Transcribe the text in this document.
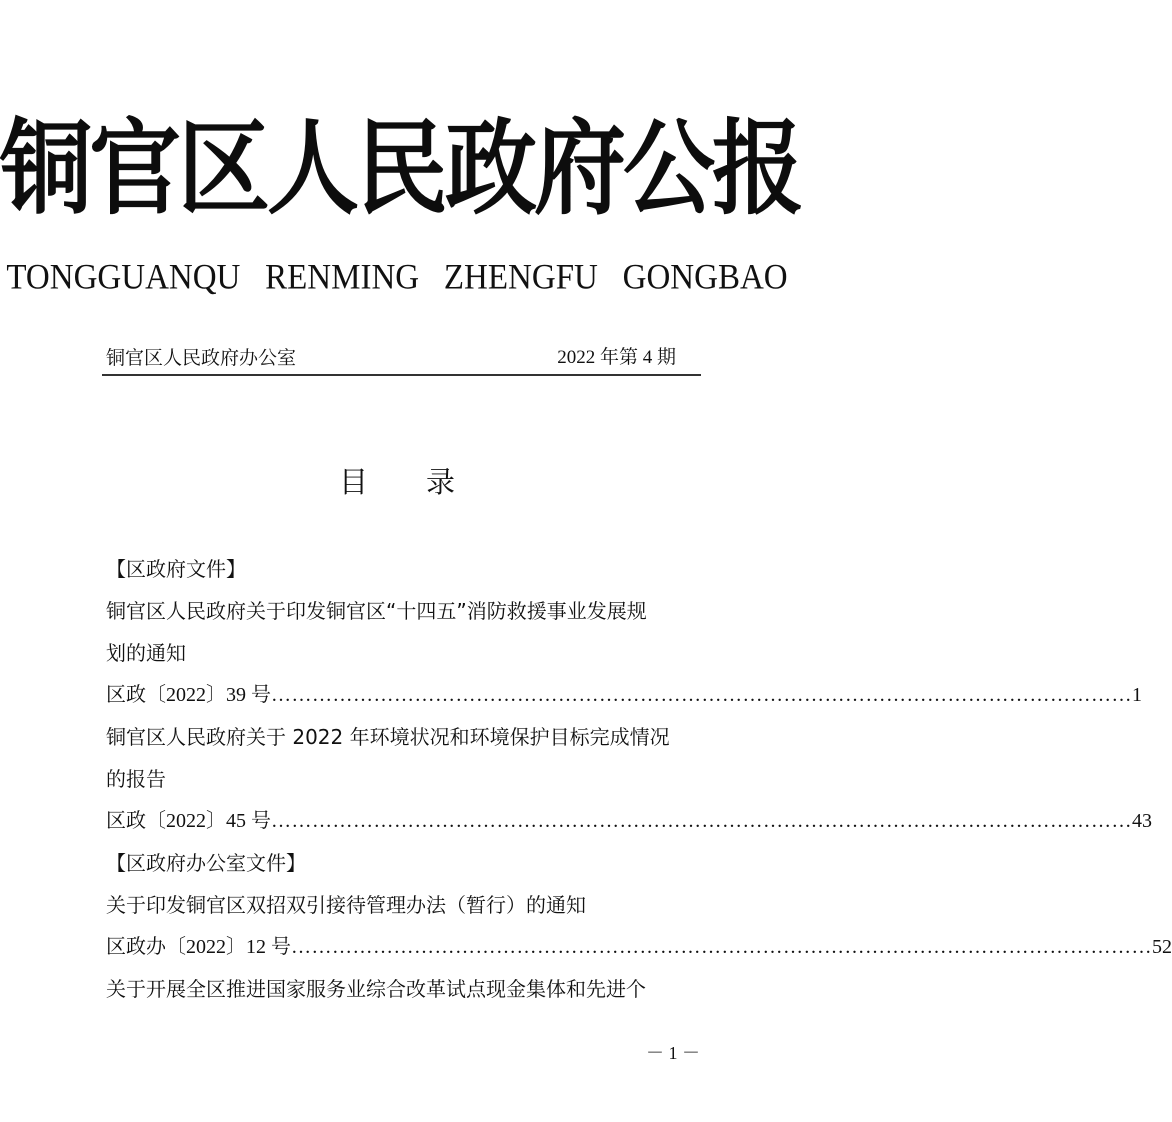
铜官区人民政府公报
TONGGUANQU   RENMING   ZHENGFU   GONGBAO
铜官区人民政府办公室	2022 年第 4 期
目录
【区政府文件】
铜官区人民政府关于印发铜官区“十四五”消防救援事业发展规
划的通知
区政〔2022〕39 号 ……………………………………………………………………………………………………………… 1
铜官区人民政府关于 2022 年环境状况和环境保护目标完成情况
的报告
区政〔2022〕45 号 ……………………………………………………………………………………………………………… 43
【区政府办公室文件】
关于印发铜官区双招双引接待管理办法（暂行）的通知
区政办〔2022〕12 号 ……………………………………………………………………………………………………………… 52
关于开展全区推进国家服务业综合改革试点现金集体和先进个
－ 1 －
